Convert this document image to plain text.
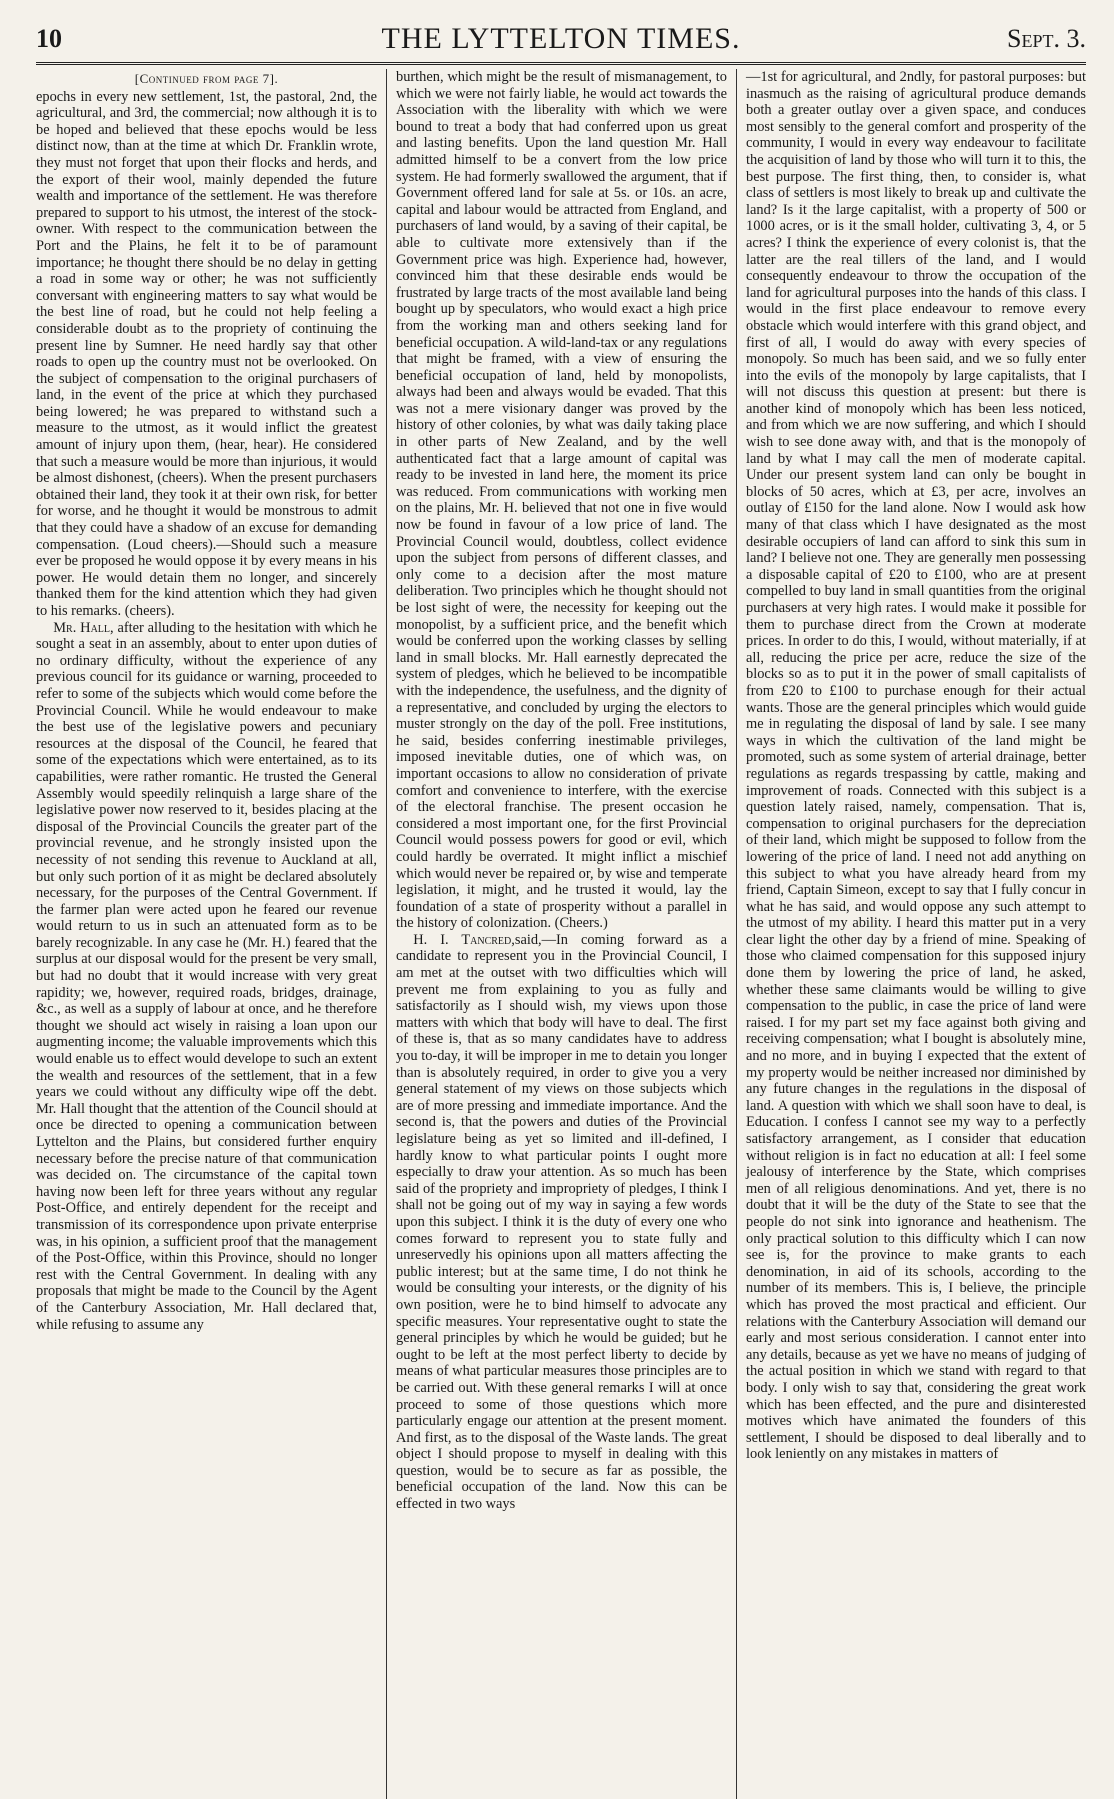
10	THE LYTTELTON TIMES.	Sept. 3.
[Continued from page 7].

epochs in every new settlement, 1st, the pastoral, 2nd, the agricultural, and 3rd, the commercial; now although it is to be hoped and believed that these epochs would be less distinct now, than at the time at which Dr. Franklin wrote, they must not forget that upon their flocks and herds, and the export of their wool, mainly depended the future wealth and importance of the settlement. He was therefore prepared to support to his utmost, the interest of the stock-owner. With respect to the communication between the Port and the Plains, he felt it to be of paramount importance; he thought there should be no delay in getting a road in some way or other; he was not sufficiently conversant with engineering matters to say what would be the best line of road, but he could not help feeling a considerable doubt as to the propriety of continuing the present line by Sumner. He need hardly say that other roads to open up the country must not be overlooked. On the subject of compensation to the original purchasers of land, in the event of the price at which they purchased being lowered; he was prepared to withstand such a measure to the utmost, as it would inflict the greatest amount of injury upon them, (hear, hear). He considered that such a measure would be more than injurious, it would be almost dishonest, (cheers). When the present purchasers obtained their land, they took it at their own risk, for better for worse, and he thought it would be monstrous to admit that they could have a shadow of an excuse for demanding compensation. (Loud cheers).—Should such a measure ever be proposed he would oppose it by every means in his power. He would detain them no longer, and sincerely thanked them for the kind attention which they had given to his remarks. (cheers).

Mr. Hall, after alluding to the hesitation with which he sought a seat in an assembly, about to enter upon duties of no ordinary difficulty, without the experience of any previous council for its guidance or warning, proceeded to refer to some of the subjects which would come before the Provincial Council. While he would endeavour to make the best use of the legislative powers and pecuniary resources at the disposal of the Council, he feared that some of the expectations which were entertained, as to its capabilities, were rather romantic. He trusted the General Assembly would speedily relinquish a large share of the legislative power now reserved to it, besides placing at the disposal of the Provincial Councils the greater part of the provincial revenue, and he strongly insisted upon the necessity of not sending this revenue to Auckland at all, but only such portion of it as might be declared absolutely necessary, for the purposes of the Central Government. If the farmer plan were acted upon he feared our revenue would return to us in such an attenuated form as to be barely recognizable. In any case he (Mr. H.) feared that the surplus at our disposal would for the present be very small, but had no doubt that it would increase with very great rapidity; we, however, required roads, bridges, drainage, &c., as well as a supply of labour at once, and he therefore thought we should act wisely in raising a loan upon our augmenting income; the valuable improvements which this would enable us to effect would develope to such an extent the wealth and resources of the settlement, that in a few years we could without any difficulty wipe off the debt. Mr. Hall thought that the attention of the Council should at once be directed to opening a communication between Lyttelton and the Plains, but considered further enquiry necessary before the precise nature of that communication was decided on. The circumstance of the capital town having now been left for three years without any regular Post-Office, and entirely dependent for the receipt and transmission of its correspondence upon private enterprise was, in his opinion, a sufficient proof that the management of the Post-Office, within this Province, should no longer rest with the Central Government. In dealing with any proposals that might be made to the Council by the Agent of the Canterbury Association, Mr. Hall declared that, while refusing to assume any

burthen, which might be the result of mismanagement, to which we were not fairly liable, he would act towards the Association with the liberality with which we were bound to treat a body that had conferred upon us great and lasting benefits. Upon the land question Mr. Hall admitted himself to be a convert from the low price system. He had formerly swallowed the argument, that if Government offered land for sale at 5s. or 10s. an acre, capital and labour would be attracted from England, and purchasers of land would, by a saving of their capital, be able to cultivate more extensively than if the Government price was high. Experience had, however, convinced him that these desirable ends would be frustrated by large tracts of the most available land being bought up by speculators, who would exact a high price from the working man and others seeking land for beneficial occupation. A wild-land-tax or any regulations that might be framed, with a view of ensuring the beneficial occupation of land, held by monopolists, always had been and always would be evaded. That this was not a mere visionary danger was proved by the history of other colonies, by what was daily taking place in other parts of New Zealand, and by the well authenticated fact that a large amount of capital was ready to be invested in land here, the moment its price was reduced. From communications with working men on the plains, Mr. H. believed that not one in five would now be found in favour of a low price of land. The Provincial Council would, doubtless, collect evidence upon the subject from persons of different classes, and only come to a decision after the most mature deliberation. Two principles which he thought should not be lost sight of were, the necessity for keeping out the monopolist, by a sufficient price, and the benefit which would be conferred upon the working classes by selling land in small blocks. Mr. Hall earnestly deprecated the system of pledges, which he believed to be incompatible with the independence, the usefulness, and the dignity of a representative, and concluded by urging the electors to muster strongly on the day of the poll. Free institutions, he said, besides conferring inestimable privileges, imposed inevitable duties, one of which was, on important occasions to allow no consideration of private comfort and convenience to interfere, with the exercise of the electoral franchise. The present occasion he considered a most important one, for the first Provincial Council would possess powers for good or evil, which could hardly be overrated. It might inflict a mischief which would never be repaired or, by wise and temperate legislation, it might, and he trusted it would, lay the foundation of a state of prosperity without a parallel in the history of colonization. (Cheers.)

H. I. Tancred,said,—In coming forward as a candidate to represent you in the Provincial Council, I am met at the outset with two difficulties which will prevent me from explaining to you as fully and satisfactorily as I should wish, my views upon those matters with which that body will have to deal. The first of these is, that as so many candidates have to address you to-day, it will be improper in me to detain you longer than is absolutely required, in order to give you a very general statement of my views on those subjects which are of more pressing and immediate importance. And the second is, that the powers and duties of the Provincial legislature being as yet so limited and ill-defined, I hardly know to what particular points I ought more especially to draw your attention. As so much has been said of the propriety and impropriety of pledges, I think I shall not be going out of my way in saying a few words upon this subject. I think it is the duty of every one who comes forward to represent you to state fully and unreservedly his opinions upon all matters affecting the public interest; but at the same time, I do not think he would be consulting your interests, or the dignity of his own position, were he to bind himself to advocate any specific measures. Your representative ought to state the general principles by which he would be guided; but he ought to be left at the most perfect liberty to decide by means of what particular measures those principles are to be carried out. With these general remarks I will at once proceed to some of those questions which more particularly engage our attention at the present moment. And first, as to the disposal of the Waste lands. The great object I should propose to myself in dealing with this question, would be to secure as far as possible, the beneficial occupation of the land. Now this can be effected in two ways

—1st for agricultural, and 2ndly, for pastoral purposes: but inasmuch as the raising of agricultural produce demands both a greater outlay over a given space, and conduces most sensibly to the general comfort and prosperity of the community, I would in every way endeavour to facilitate the acquisition of land by those who will turn it to this, the best purpose. The first thing, then, to consider is, what class of settlers is most likely to break up and cultivate the land? Is it the large capitalist, with a property of 500 or 1000 acres, or is it the small holder, cultivating 3, 4, or 5 acres? I think the experience of every colonist is, that the latter are the real tillers of the land, and I would consequently endeavour to throw the occupation of the land for agricultural purposes into the hands of this class. I would in the first place endeavour to remove every obstacle which would interfere with this grand object, and first of all, I would do away with every species of monopoly. So much has been said, and we so fully enter into the evils of the monopoly by large capitalists, that I will not discuss this question at present: but there is another kind of monopoly which has been less noticed, and from which we are now suffering, and which I should wish to see done away with, and that is the monopoly of land by what I may call the men of moderate capital. Under our present system land can only be bought in blocks of 50 acres, which at £3, per acre, involves an outlay of £150 for the land alone. Now I would ask how many of that class which I have designated as the most desirable occupiers of land can afford to sink this sum in land? I believe not one. They are generally men possessing a disposable capital of £20 to £100, who are at present compelled to buy land in small quantities from the original purchasers at very high rates. I would make it possible for them to purchase direct from the Crown at moderate prices. In order to do this, I would, without materially, if at all, reducing the price per acre, reduce the size of the blocks so as to put it in the power of small capitalists of from £20 to £100 to purchase enough for their actual wants. Those are the general principles which would guide me in regulating the disposal of land by sale. I see many ways in which the cultivation of the land might be promoted, such as some system of arterial drainage, better regulations as regards trespassing by cattle, making and improvement of roads. Connected with this subject is a question lately raised, namely, compensation. That is, compensation to original purchasers for the depreciation of their land, which might be supposed to follow from the lowering of the price of land. I need not add anything on this subject to what you have already heard from my friend, Captain Simeon, except to say that I fully concur in what he has said, and would oppose any such attempt to the utmost of my ability. I heard this matter put in a very clear light the other day by a friend of mine. Speaking of those who claimed compensation for this supposed injury done them by lowering the price of land, he asked, whether these same claimants would be willing to give compensation to the public, in case the price of land were raised. I for my part set my face against both giving and receiving compensation; what I bought is absolutely mine, and no more, and in buying I expected that the extent of my property would be neither increased nor diminished by any future changes in the regulations in the disposal of land. A question with which we shall soon have to deal, is Education. I confess I cannot see my way to a perfectly satisfactory arrangement, as I consider that education without religion is in fact no education at all: I feel some jealousy of interference by the State, which comprises men of all religious denominations. And yet, there is no doubt that it will be the duty of the State to see that the people do not sink into ignorance and heathenism. The only practical solution to this difficulty which I can now see is, for the province to make grants to each denomination, in aid of its schools, according to the number of its members. This is, I believe, the principle which has proved the most practical and efficient. Our relations with the Canterbury Association will demand our early and most serious consideration. I cannot enter into any details, because as yet we have no means of judging of the actual position in which we stand with regard to that body. I only wish to say that, considering the great work which has been effected, and the pure and disinterested motives which have animated the founders of this settlement, I should be disposed to deal liberally and to look leniently on any mistakes in matters of
